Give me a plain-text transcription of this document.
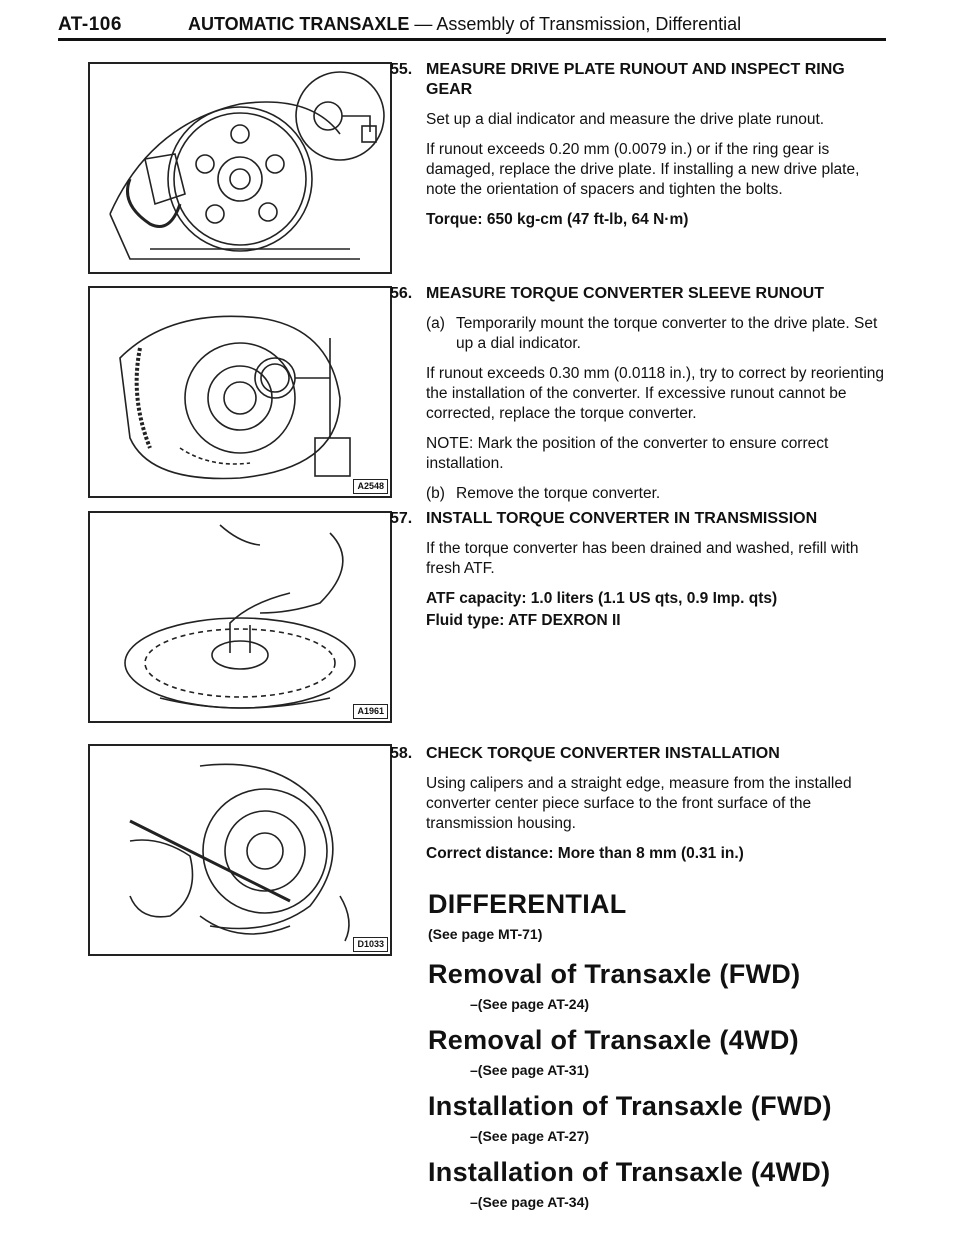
AT-106	AUTOMATIC TRANSAXLE — Assembly of Transmission, Differential
A2548
A1961
D1033
55. MEASURE DRIVE PLATE RUNOUT AND INSPECT RING GEAR

Set up a dial indicator and measure the drive plate runout.

If runout exceeds 0.20 mm (0.0079 in.) or if the ring gear is damaged, replace the drive plate. If installing a new drive plate, note the orientation of spacers and tighten the bolts.

Torque: 650 kg-cm (47 ft-lb, 64 N·m)

56. MEASURE TORQUE CONVERTER SLEEVE RUNOUT

(a) Temporarily mount the torque converter to the drive plate. Set up a dial indicator.

If runout exceeds 0.30 mm (0.0118 in.), try to correct by reorienting the installation of the converter. If excessive runout cannot be corrected, replace the torque converter.

NOTE: Mark the position of the converter to ensure correct installation.

(b) Remove the torque converter.

57. INSTALL TORQUE CONVERTER IN TRANSMISSION

If the torque converter has been drained and washed, refill with fresh ATF.

ATF capacity: 1.0 liters (1.1 US qts, 0.9 Imp. qts)

Fluid type: ATF DEXRON II

58. CHECK TORQUE CONVERTER INSTALLATION

Using calipers and a straight edge, measure from the installed converter center piece surface to the front surface of the transmission housing.

Correct distance: More than 8 mm (0.31 in.)

DIFFERENTIAL

(See page MT-71)

Removal of Transaxle (FWD)

–(See page AT-24)

Removal of Transaxle (4WD)

–(See page AT-31)

Installation of Transaxle (FWD)

–(See page AT-27)

Installation of Transaxle (4WD)

–(See page AT-34)
